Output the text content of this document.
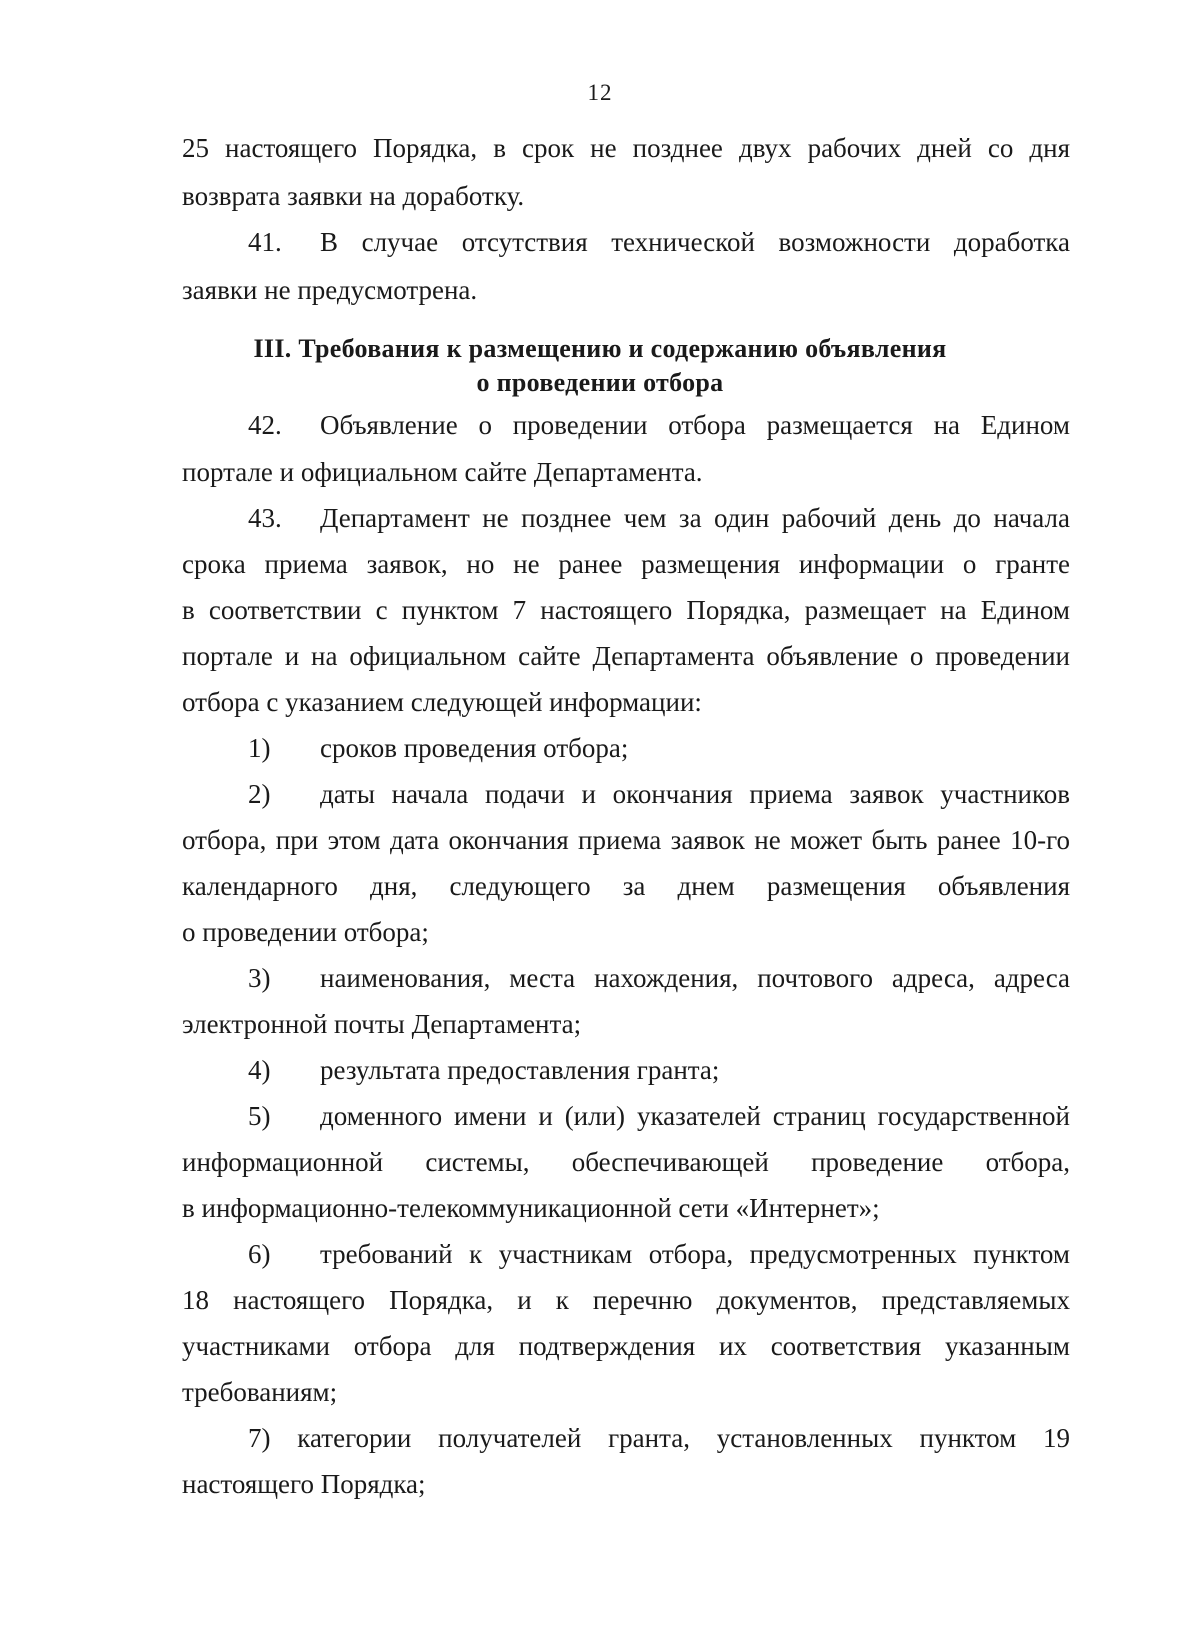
12
25 настоящего Порядка, в срок не позднее двух рабочих дней со дня
возврата заявки на доработку.
41. В случае отсутствия технической возможности доработка
заявки не предусмотрена.
III. Требования к размещению и содержанию объявления
о проведении отбора
42. Объявление о проведении отбора размещается на Едином
портале и официальном сайте Департамента.
43. Департамент не позднее чем за один рабочий день до начала
срока приема заявок, но не ранее размещения информации о гранте
в соответствии с пунктом 7 настоящего Порядка, размещает на Едином
портале и на официальном сайте Департамента объявление о проведении
отбора с указанием следующей информации:
1) сроков проведения отбора;
2) даты начала подачи и окончания приема заявок участников
отбора, при этом дата окончания приема заявок не может быть ранее 10-го
календарного дня, следующего за днем размещения объявления
о проведении отбора;
3) наименования, места нахождения, почтового адреса, адреса
электронной почты Департамента;
4) результата предоставления гранта;
5) доменного имени и (или) указателей страниц государственной
информационной системы, обеспечивающей проведение отбора,
в информационно-телекоммуникационной сети «Интернет»;
6) требований к участникам отбора, предусмотренных пунктом
18 настоящего Порядка, и к перечню документов, представляемых
участниками отбора для подтверждения их соответствия указанным
требованиям;
7) категории получателей гранта, установленных пунктом 19
настоящего Порядка;
